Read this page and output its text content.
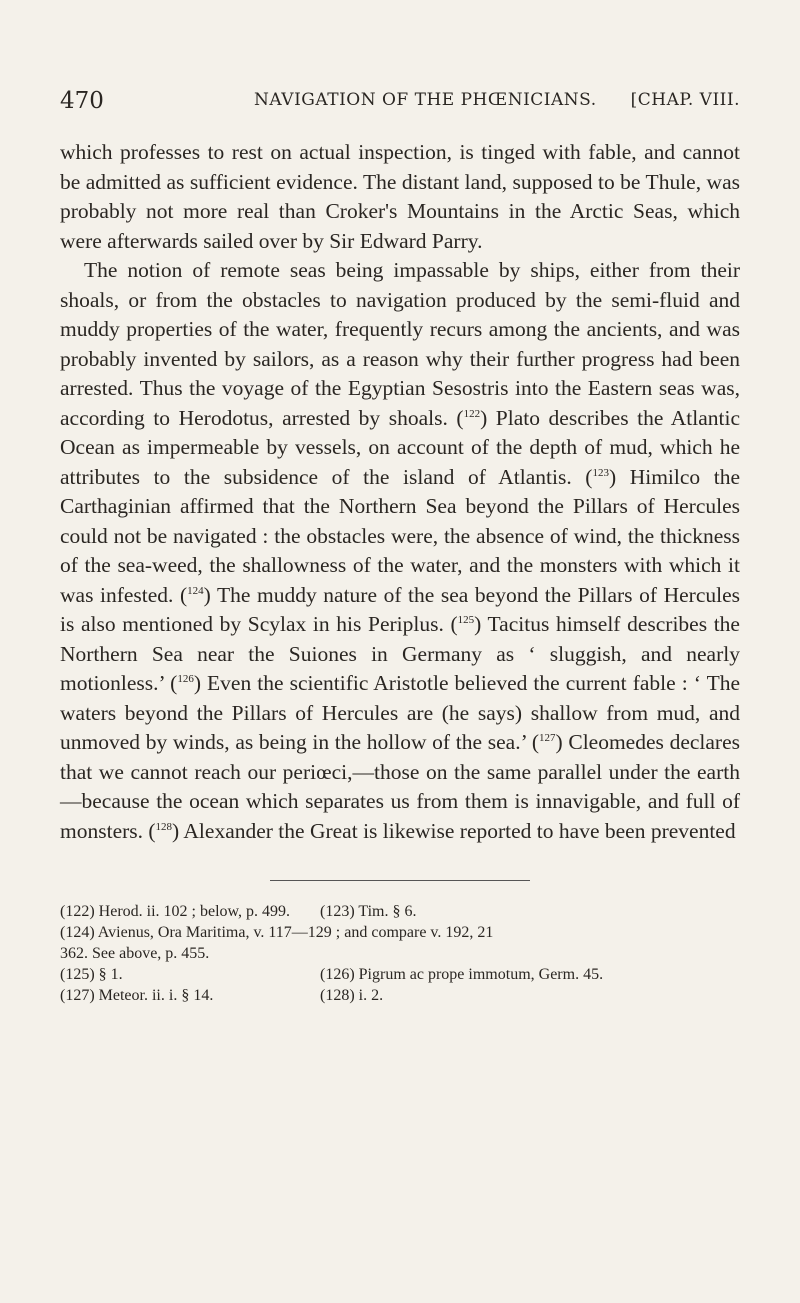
470	NAVIGATION OF THE PHŒNICIANS. [CHAP. VIII.

which professes to rest on actual inspection, is tinged with fable, and cannot be admitted as sufficient evidence. The distant land, supposed to be Thule, was probably not more real than Croker's Mountains in the Arctic Seas, which were afterwards sailed over by Sir Edward Parry.

The notion of remote seas being impassable by ships, either from their shoals, or from the obstacles to navigation produced by the semi-fluid and muddy properties of the water, frequently recurs among the ancients, and was probably invented by sailors, as a reason why their further progress had been arrested. Thus the voyage of the Egyptian Sesostris into the Eastern seas was, according to Herodotus, arrested by shoals. ($^{122}$) Plato describes the Atlantic Ocean as impermeable by vessels, on account of the depth of mud, which he attributes to the subsidence of the island of Atlantis. ($^{123}$) Himilco the Carthaginian affirmed that the Northern Sea beyond the Pillars of Hercules could not be navigated : the obstacles were, the absence of wind, the thickness of the sea-weed, the shallowness of the water, and the monsters with which it was infested. ($^{124}$) The muddy nature of the sea beyond the Pillars of Hercules is also mentioned by Scylax in his Periplus. ($^{125}$) Tacitus himself describes the Northern Sea near the Suiones in Germany as ‘ sluggish, and nearly motionless.’ ($^{126}$) Even the scientific Aristotle believed the current fable : ‘ The waters beyond the Pillars of Hercules are (he says) shallow from mud, and unmoved by winds, as being in the hollow of the sea.’ ($^{127}$) Cleomedes declares that we cannot reach our periœci,—those on the same parallel under the earth—because the ocean which separates us from them is innavigable, and full of monsters. ($^{128}$) Alexander the Great is likewise reported to have been prevented

(122) Herod. ii. 102 ; below, p. 499.	(123) Tim. § 6.
(124) Avienus, Ora Maritima, v. 117—129 ; and compare v. 192, 21
362. See above, p. 455.
(125) § 1.	(126) Pigrum ac prope immotum, Germ. 45.
(127) Meteor. ii. i. § 14.	(128) i. 2.
